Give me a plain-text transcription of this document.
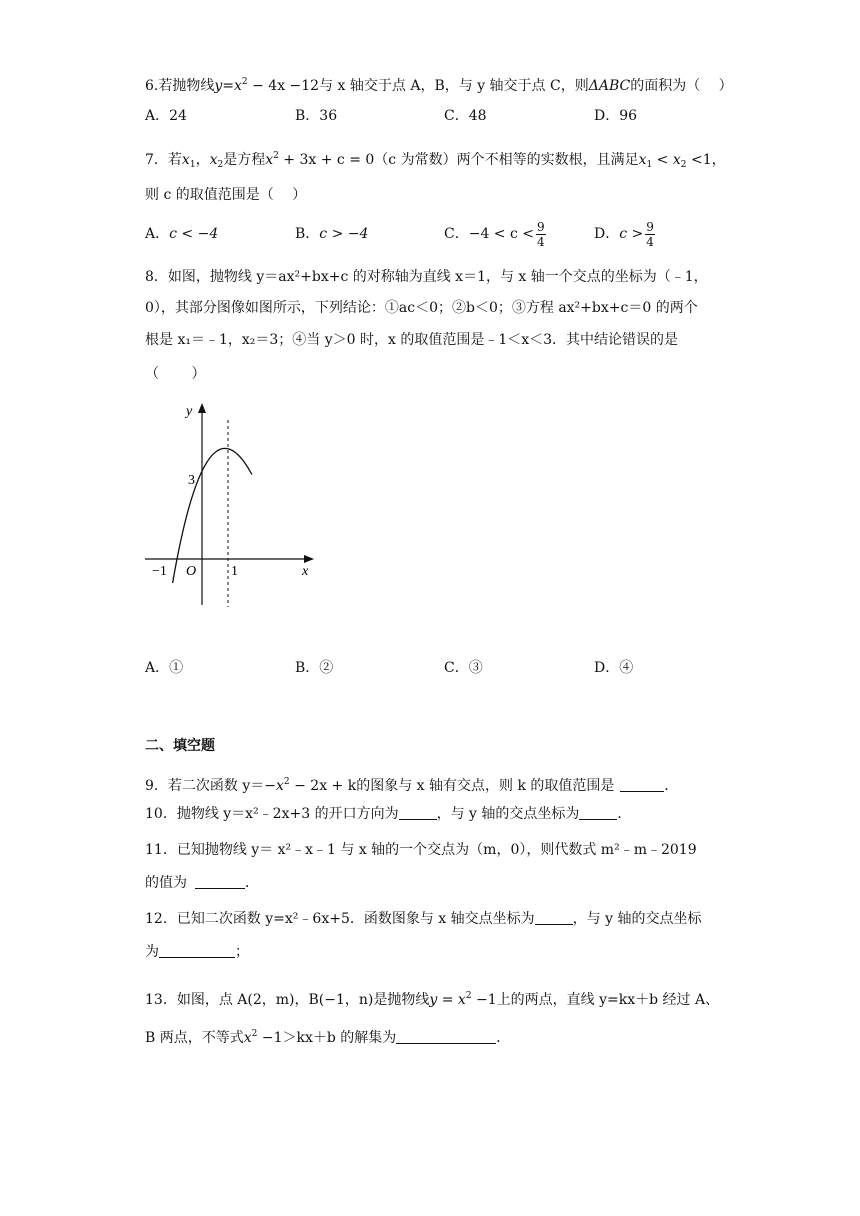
6.若抛物线$y=x^2 - 4x -12$与 x 轴交于点 A，B，与 y 轴交于点 C，则ΔABC的面积为（ 　）
A．24	B．36	C．48	D．96
7．若$x_1$，$x_2$是方程$x^2 + 3x + c = 0(c$ 为常数）两个不相等的实数根，且满足$x_1 < x_2 <1$，
则 c 的取值范围是（ 　）
A．c < −4	B．c > −4	C．$-4 < c < \frac{9}{4}$	D．$c > \frac{9}{4}$
8．如图，抛物线 y＝ax²+bx+c 的对称轴为直线 x＝1，与 x 轴一个交点的坐标为（﹣1，
0），其部分图像如图所示，下列结论：①ac＜0；②b＜0；③方程 ax²+bx+c＝0 的两个
根是 x₁＝﹣1，x₂＝3；④当 y＞0 时，x 的取值范围是﹣1＜x＜3．其中结论错误的是
（ 　　）
y
x
O
3
−1	1
A．①	B．②	C．③	D．④
二、填空题
9．若二次函数 $y=-x^2 - 2x + k$的图象与 x 轴有交点，则 k 的取值范围是	．
10．抛物线 y＝x²﹣2x+3 的开口方向为	，与 y 轴的交点坐标为	．
11．已知抛物线 y＝ x²﹣x﹣1 与 x 轴的一个交点为（m，0），则代数式 m²﹣m﹣2019
的值为	．
12．已知二次函数 y=x²﹣6x+5．函数图象与 x 轴交点坐标为	，与 y 轴的交点坐标
为	；
13．如图，点 A(2，m)，B(−1，n)是抛物线$y = x^2 -1$上的两点，直线 y=kx＋b 经过 A、
B 两点，不等式$x^2 -1>kx+b$ 的解集为	．
